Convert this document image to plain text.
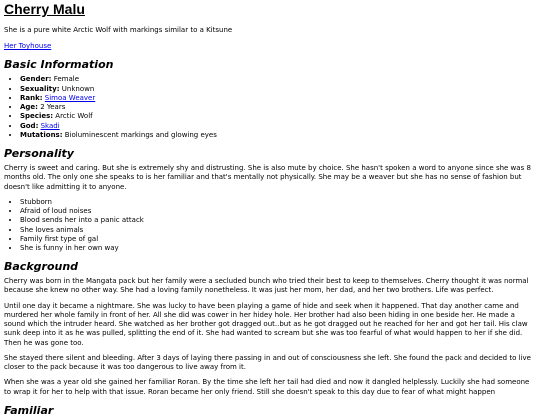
Cherry Malu

She is a pure white Arctic Wolf with markings similar to a Kitsune

Her Toyhouse

Basic Information
• Gender: Female
• Sexuality: Unknown
• Rank: Simoa Weaver
• Age: 2 Years
• Species: Arctic Wolf
• God: Skadi
• Mutations: Bioluminescent markings and glowing eyes
Personality

Cherry is sweet and caring. But she is extremely shy and distrusting. She is also mute by choice. She hasn't spoken a word to anyone since she was 8 months old. The only one she speaks to is her familiar and that's mentally not physically. She may be a weaver but she has no sense of fashion but doesn't like admitting it to anyone.

• Stubborn
• Afraid of loud noises
• Blood sends her into a panic attack
• She loves animals
• Family first type of gal
• She is funny in her own way
Background

Cherry was born in the Mangata pack but her family were a secluded bunch who tried their best to keep to themselves. Cherry thought it was normal because she knew no other way. She had a loving family nonetheless. It was just her mom, her dad, and her two brothers. Life was perfect.

Until one day it became a nightmare. She was lucky to have been playing a game of hide and seek when it happened. That day another came and murdered her whole family in front of her. All she did was cower in her hidey hole. Her brother had also been hiding in one beside her. He made a sound which the intruder heard. She watched as her brother got dragged out..but as he got dragged out he reached for her and got her tail. His claw sunk deep into it as he was pulled, splitting the end of it. She had wanted to scream but she was too fearful of what would happen to her if she did. Then he was gone too.

She stayed there silent and bleeding. After 3 days of laying there passing in and out of consciousness she left. She found the pack and decided to live closer to the pack because it was too dangerous to live away from it.

When she was a year old she gained her familiar Roran. By the time she left her tail had died and now it dangled helplessly. Luckily she had someone to wrap it for her to help with that issue. Roran became her only friend. Still she doesn't speak to this day due to fear of what might happen

Familiar
